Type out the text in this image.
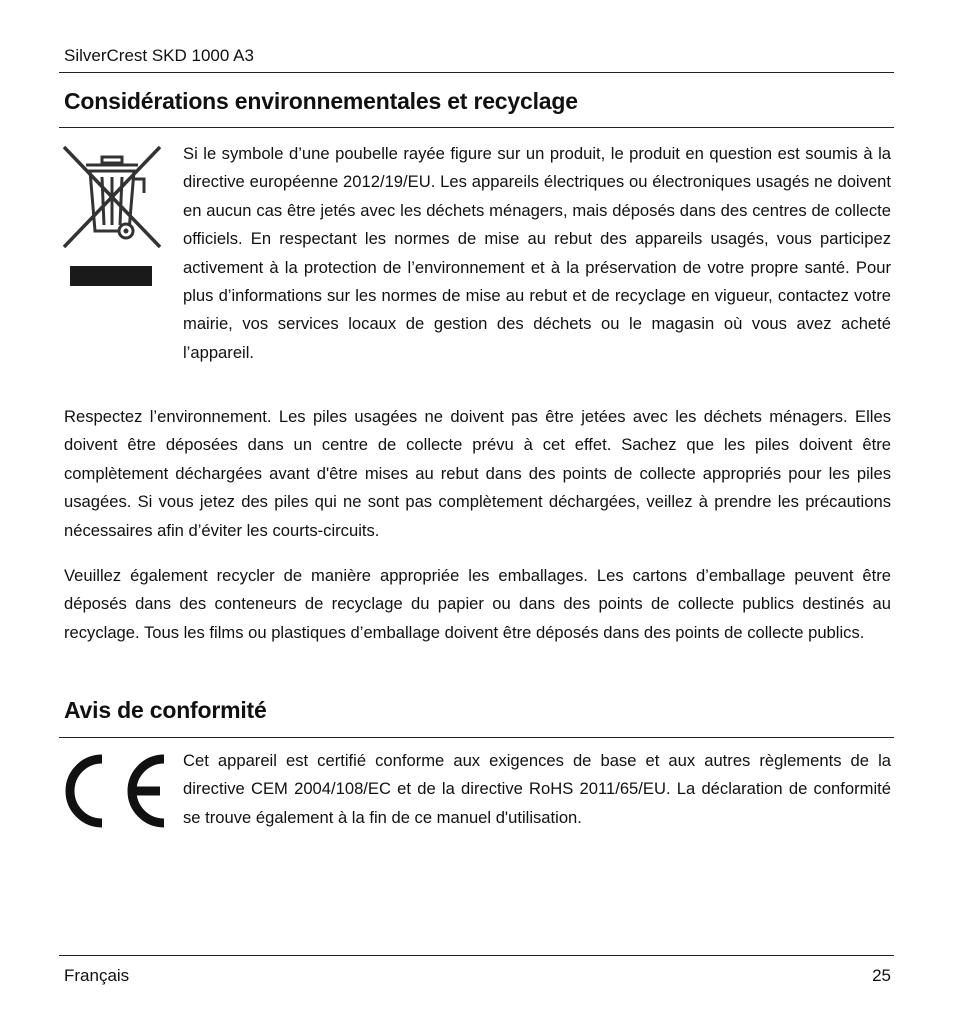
SilverCrest SKD 1000 A3
Considérations environnementales et recyclage

Si le symbole d’une poubelle rayée figure sur un produit, le produit en question est soumis à la directive européenne 2012/19/EU. Les appareils électriques ou électroniques usagés ne doivent en aucun cas être jetés avec les déchets ménagers, mais déposés dans des centres de collecte officiels. En respectant les normes de mise au rebut des appareils usagés, vous participez activement à la protection de l’environnement et à la préservation de votre propre santé. Pour plus d’informations sur les normes de mise au rebut et de recyclage en vigueur, contactez votre mairie, vos services locaux de gestion des déchets ou le magasin où vous avez acheté l’appareil.

Respectez l’environnement. Les piles usagées ne doivent pas être jetées avec les déchets ménagers. Elles doivent être déposées dans un centre de collecte prévu à cet effet. Sachez que les piles doivent être complètement déchargées avant d'être mises au rebut dans des points de collecte appropriés pour les piles usagées. Si vous jetez des piles qui ne sont pas complètement déchargées, veillez à prendre les précautions nécessaires afin d’éviter les courts-circuits.

Veuillez également recycler de manière appropriée les emballages. Les cartons d’emballage peuvent être déposés dans des conteneurs de recyclage du papier ou dans des points de collecte publics destinés au recyclage. Tous les films ou plastiques d’emballage doivent être déposés dans des points de collecte publics.

Avis de conformité

Cet appareil est certifié conforme aux exigences de base et aux autres règlements de la directive CEM 2004/108/EC et de la directive RoHS 2011/65/EU. La déclaration de conformité se trouve également à la fin de ce manuel d'utilisation.

Français	25
